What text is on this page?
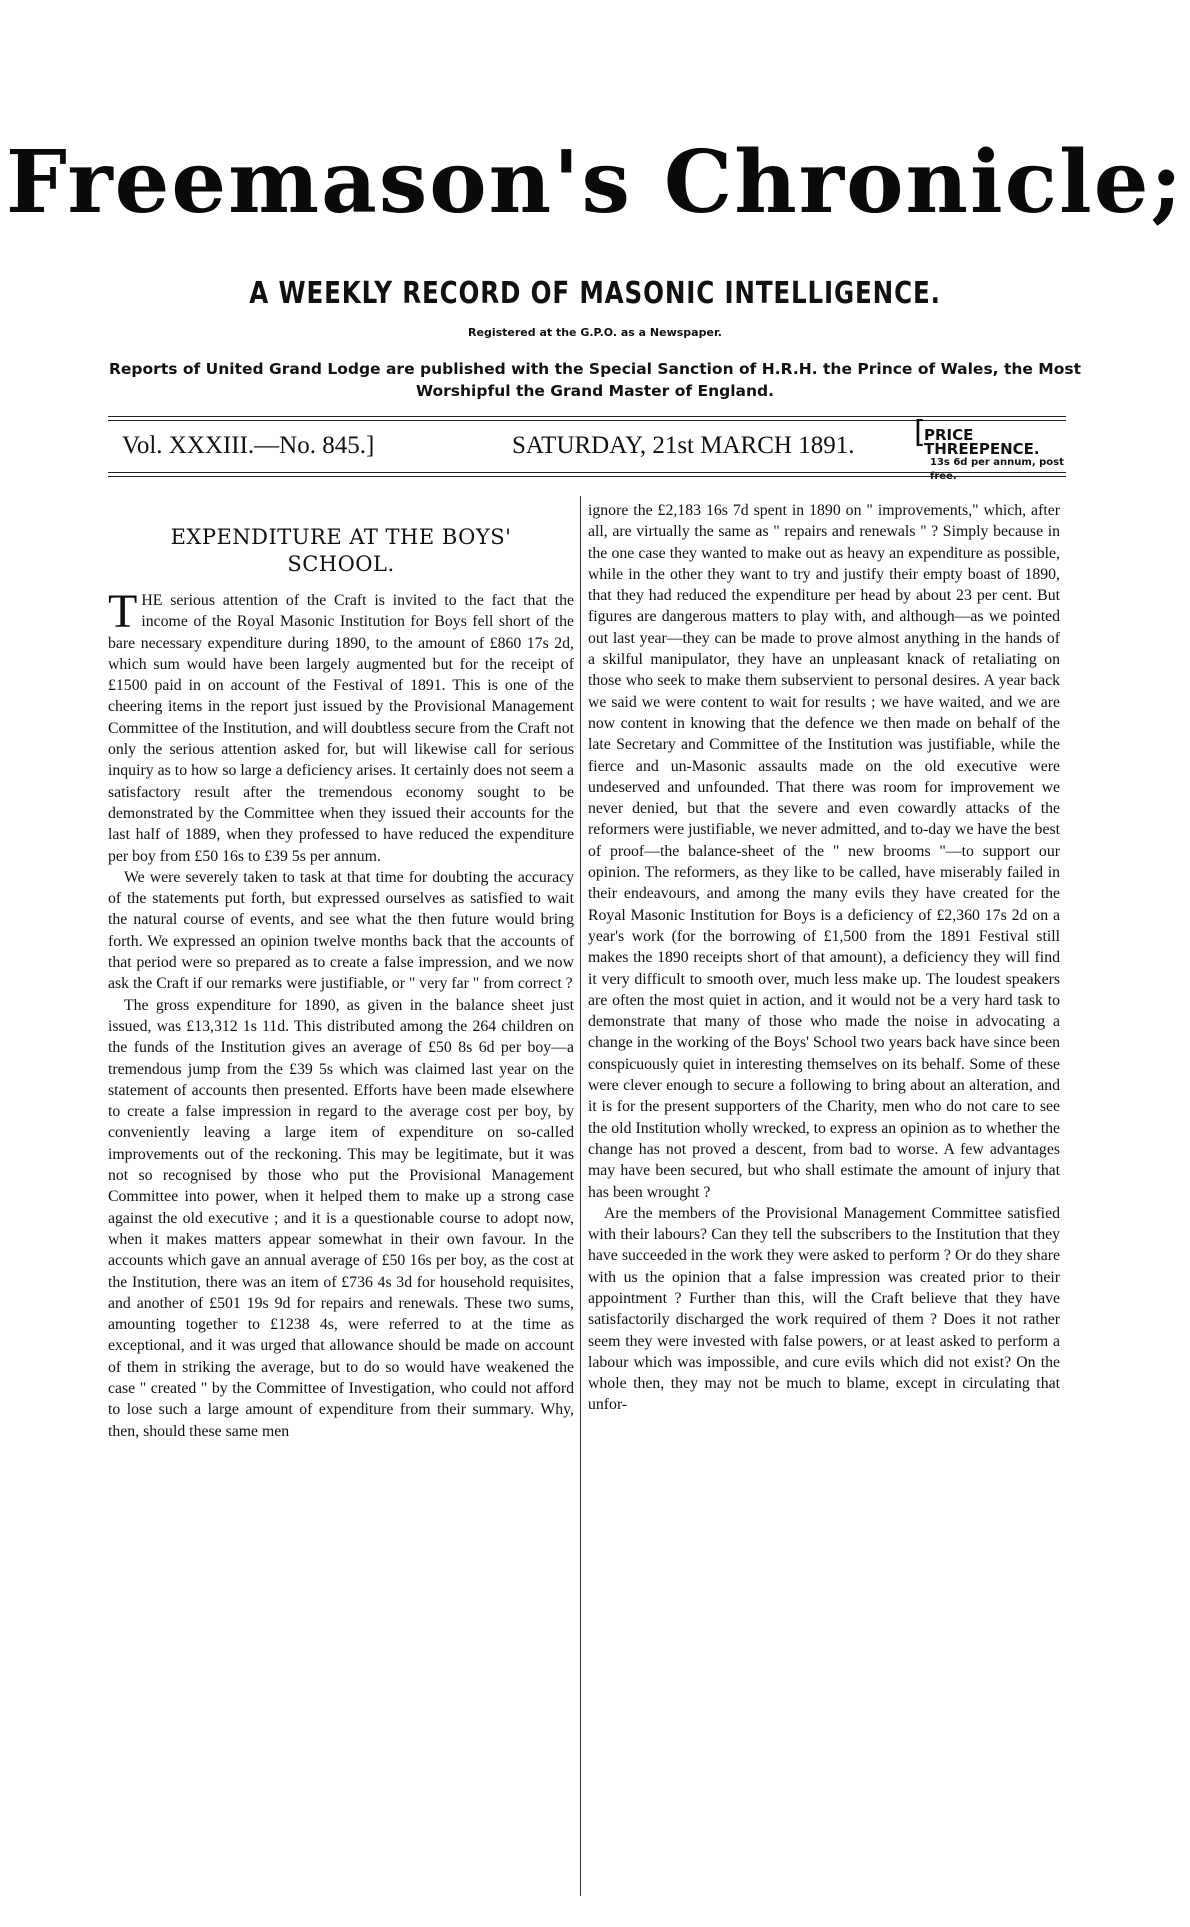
Freemason's Chronicle;
A WEEKLY RECORD OF MASONIC INTELLIGENCE.
Registered at the G.P.O. as a Newspaper.
Reports of United Grand Lodge are published with the Special Sanction of H.R.H. the Prince of Wales, the Most Worshipful the Grand Master of England.
Vol. XXXIII.—No. 845.]	SATURDAY, 21st MARCH 1891. [
PRICE THREEPENCE.
13s 6d per annum, post free.
EXPENDITURE AT THE BOYS'
SCHOOL.

THE serious attention of the Craft is invited to the fact that the income of the Royal Masonic Institution for Boys fell short of the bare necessary expenditure during 1890, to the amount of £860 17s 2d, which sum would have been largely augmented but for the receipt of £1500 paid in on account of the Festival of 1891. This is one of the cheering items in the report just issued by the Provisional Management Committee of the Institution, and will doubtless secure from the Craft not only the serious attention asked for, but will likewise call for serious inquiry as to how so large a deficiency arises. It certainly does not seem a satisfactory result after the tremendous economy sought to be demonstrated by the Committee when they issued their accounts for the last half of 1889, when they professed to have reduced the expenditure per boy from £50 16s to £39 5s per annum.

We were severely taken to task at that time for doubting the accuracy of the statements put forth, but expressed ourselves as satisfied to wait the natural course of events, and see what the then future would bring forth. We expressed an opinion twelve months back that the accounts of that period were so prepared as to create a false impression, and we now ask the Craft if our remarks were justifiable, or " very far " from correct ?

The gross expenditure for 1890, as given in the balance sheet just issued, was £13,312 1s 11d. This distributed among the 264 children on the funds of the Institution gives an average of £50 8s 6d per boy—a tremendous jump from the £39 5s which was claimed last year on the statement of accounts then presented. Efforts have been made elsewhere to create a false impression in regard to the average cost per boy, by conveniently leaving a large item of expenditure on so-called improvements out of the reckoning. This may be legitimate, but it was not so recognised by those who put the Provisional Management Committee into power, when it helped them to make up a strong case against the old executive ; and it is a questionable course to adopt now, when it makes matters appear somewhat in their own favour. In the accounts which gave an annual average of £50 16s per boy, as the cost at the Institution, there was an item of £736 4s 3d for household requisites, and another of £501 19s 9d for repairs and renewals. These two sums, amounting together to £1238 4s, were referred to at the time as exceptional, and it was urged that allowance should be made on account of them in striking the average, but to do so would have weakened the case " created " by the Committee of Investigation, who could not afford to lose such a large amount of expenditure from their summary. Why, then, should these same men

ignore the £2,183 16s 7d spent in 1890 on " improvements," which, after all, are virtually the same as " repairs and renewals " ? Simply because in the one case they wanted to make out as heavy an expenditure as possible, while in the other they want to try and justify their empty boast of 1890, that they had reduced the expenditure per head by about 23 per cent. But figures are dangerous matters to play with, and although—as we pointed out last year—they can be made to prove almost anything in the hands of a skilful manipulator, they have an unpleasant knack of retaliating on those who seek to make them subservient to personal desires. A year back we said we were content to wait for results ; we have waited, and we are now content in knowing that the defence we then made on behalf of the late Secretary and Committee of the Institution was justifiable, while the fierce and un-Masonic assaults made on the old executive were undeserved and unfounded. That there was room for improvement we never denied, but that the severe and even cowardly attacks of the reformers were justifiable, we never admitted, and to-day we have the best of proof—the balance-sheet of the " new brooms "—to support our opinion. The reformers, as they like to be called, have miserably failed in their endeavours, and among the many evils they have created for the Royal Masonic Institution for Boys is a deficiency of £2,360 17s 2d on a year's work (for the borrowing of £1,500 from the 1891 Festival still makes the 1890 receipts short of that amount), a deficiency they will find it very difficult to smooth over, much less make up. The loudest speakers are often the most quiet in action, and it would not be a very hard task to demonstrate that many of those who made the noise in advocating a change in the working of the Boys' School two years back have since been conspicuously quiet in interesting themselves on its behalf. Some of these were clever enough to secure a following to bring about an alteration, and it is for the present supporters of the Charity, men who do not care to see the old Institution wholly wrecked, to express an opinion as to whether the change has not proved a descent, from bad to worse. A few advantages may have been secured, but who shall estimate the amount of injury that has been wrought ?

Are the members of the Provisional Management Committee satisfied with their labours? Can they tell the subscribers to the Institution that they have succeeded in the work they were asked to perform ? Or do they share with us the opinion that a false impression was created prior to their appointment ? Further than this, will the Craft believe that they have satisfactorily discharged the work required of them ? Does it not rather seem they were invested with false powers, or at least asked to perform a labour which was impossible, and cure evils which did not exist? On the whole then, they may not be much to blame, except in circulating that unfor-
